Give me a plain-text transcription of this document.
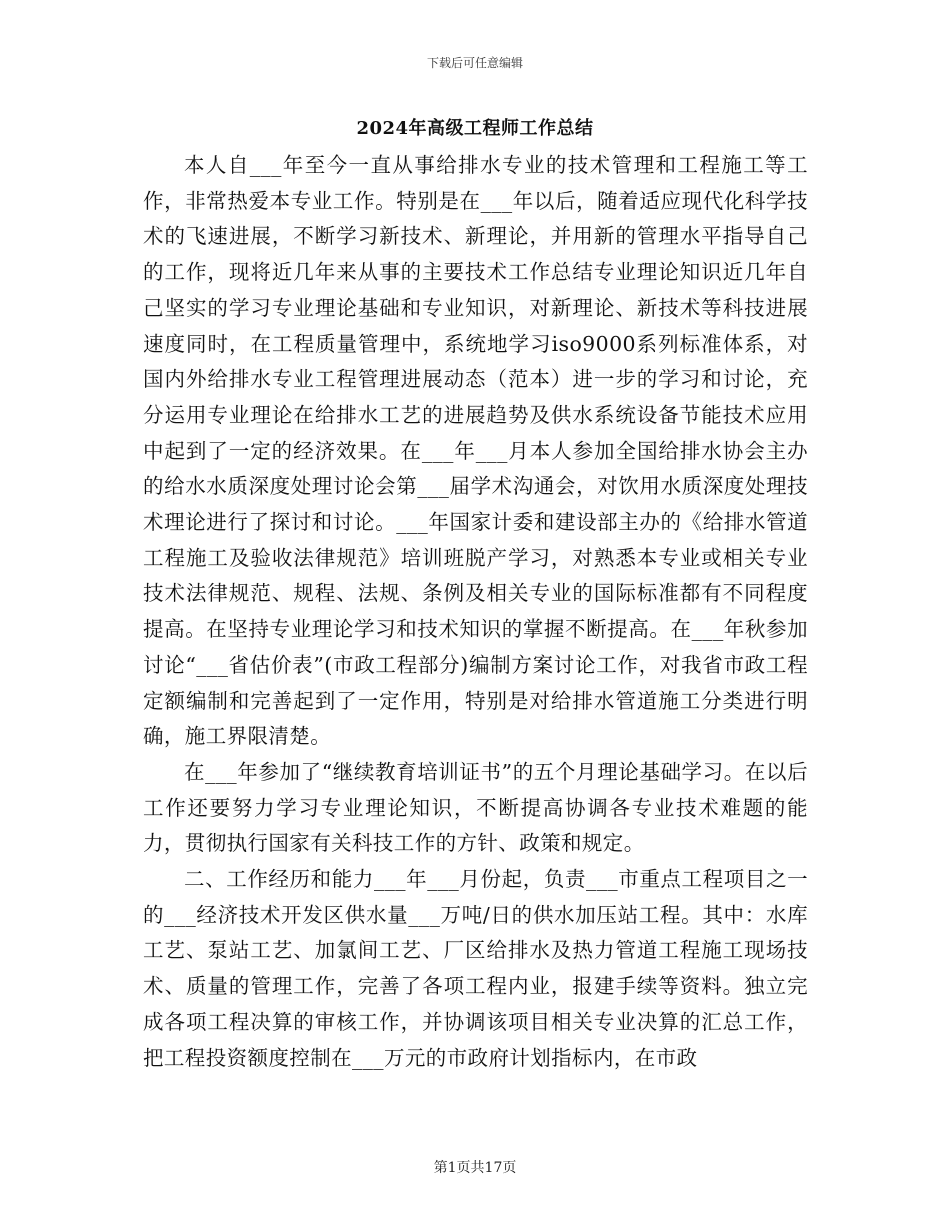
下载后可任意编辑
2024年高级工程师工作总结

本人自___年至今一直从事给排水专业的技术管理和工程施工等工作，非常热爱本专业工作。特别是在___年以后，随着适应现代化科学技术的飞速进展，不断学习新技术、新理论，并用新的管理水平指导自己的工作，现将近几年来从事的主要技术工作总结专业理论知识近几年自己坚实的学习专业理论基础和专业知识，对新理论、新技术等科技进展速度同时，在工程质量管理中，系统地学习iso9000系列标准体系，对国内外给排水专业工程管理进展动态（范本）进一步的学习和讨论，充分运用专业理论在给排水工艺的进展趋势及供水系统设备节能技术应用中起到了一定的经济效果。在___年___月本人参加全国给排水协会主办的给水水质深度处理讨论会第___届学术沟通会，对饮用水质深度处理技术理论进行了探讨和讨论。___年国家计委和建设部主办的《给排水管道工程施工及验收法律规范》培训班脱产学习，对熟悉本专业或相关专业技术法律规范、规程、法规、条例及相关专业的国际标准都有不同程度提高。在坚持专业理论学习和技术知识的掌握不断提高。在___年秋参加讨论“___省估价表”(市政工程部分)编制方案讨论工作，对我省市政工程定额编制和完善起到了一定作用，特别是对给排水管道施工分类进行明确，施工界限清楚。

在___年参加了“继续教育培训证书”的五个月理论基础学习。在以后工作还要努力学习专业理论知识，不断提高协调各专业技术难题的能力，贯彻执行国家有关科技工作的方针、政策和规定。

二、工作经历和能力___年___月份起，负责___市重点工程项目之一的___经济技术开发区供水量___万吨/日的供水加压站工程。其中：水库工艺、泵站工艺、加氯间工艺、厂区给排水及热力管道工程施工现场技术、质量的管理工作，完善了各项工程内业，报建手续等资料。独立完成各项工程决算的审核工作，并协调该项目相关专业决算的汇总工作，把工程投资额度控制在___万元的市政府计划指标内，在市政

第1页共17页
